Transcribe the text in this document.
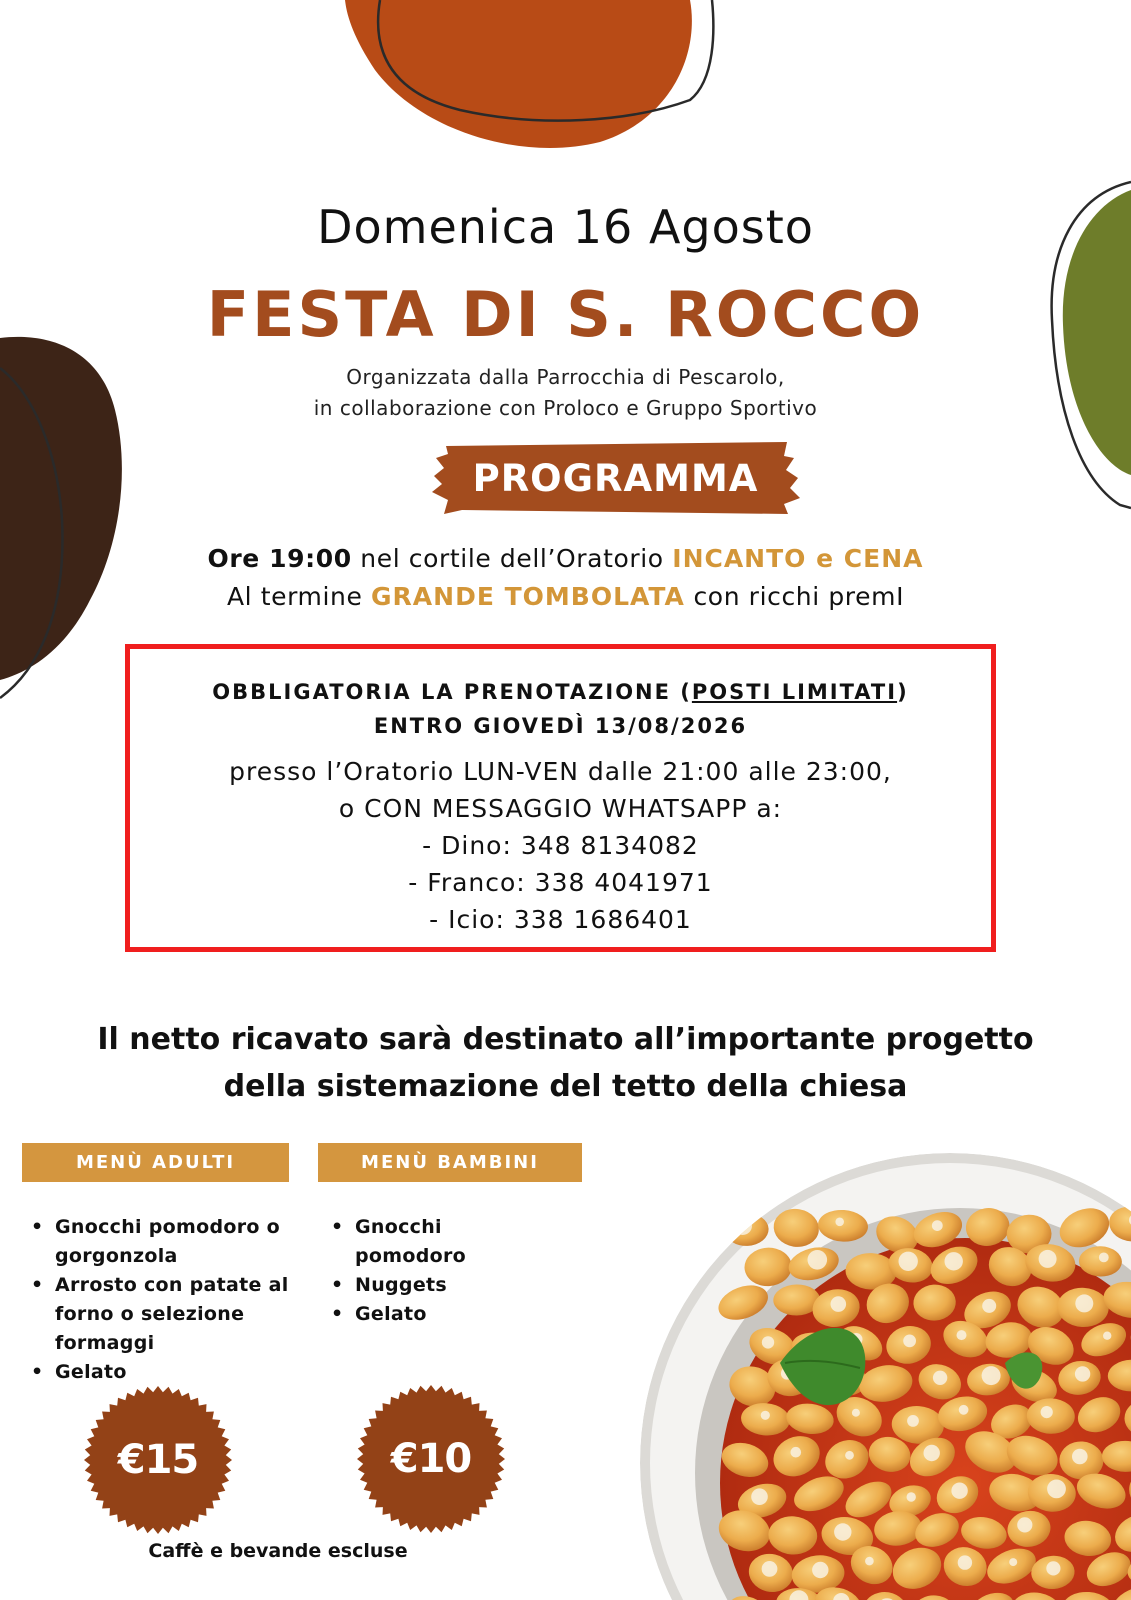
Domenica 16 Agosto
FESTA DI S. ROCCO
Organizzata dalla Parrocchia di Pescarolo,
in collaborazione con Proloco e Gruppo Sportivo
PROGRAMMA
Ore 19:00 nel cortile dell’Oratorio INCANTO e CENA
Al termine GRANDE TOMBOLATA con ricchi premI
OBBLIGATORIA LA PRENOTAZIONE (POSTI LIMITATI)
ENTRO GIOVEDÌ 13/08/2026
presso l’Oratorio LUN-VEN dalle 21:00 alle 23:00,
o CON MESSAGGIO WHATSAPP a:
- Dino: 348 8134082
- Franco: 338 4041971
- Icio: 338 1686401
Il netto ricavato sarà destinato all’importante progetto
della sistemazione del tetto della chiesa
MENÙ ADULTI	MENÙ BAMBINI
• Gnocchi pomodoro o gorgonzola
• Arrosto con patate al forno o selezione formaggi
• Gelato
• Gnocchi pomodoro
• Nuggets
• Gelato
€15	€10
Caffè e bevande escluse
